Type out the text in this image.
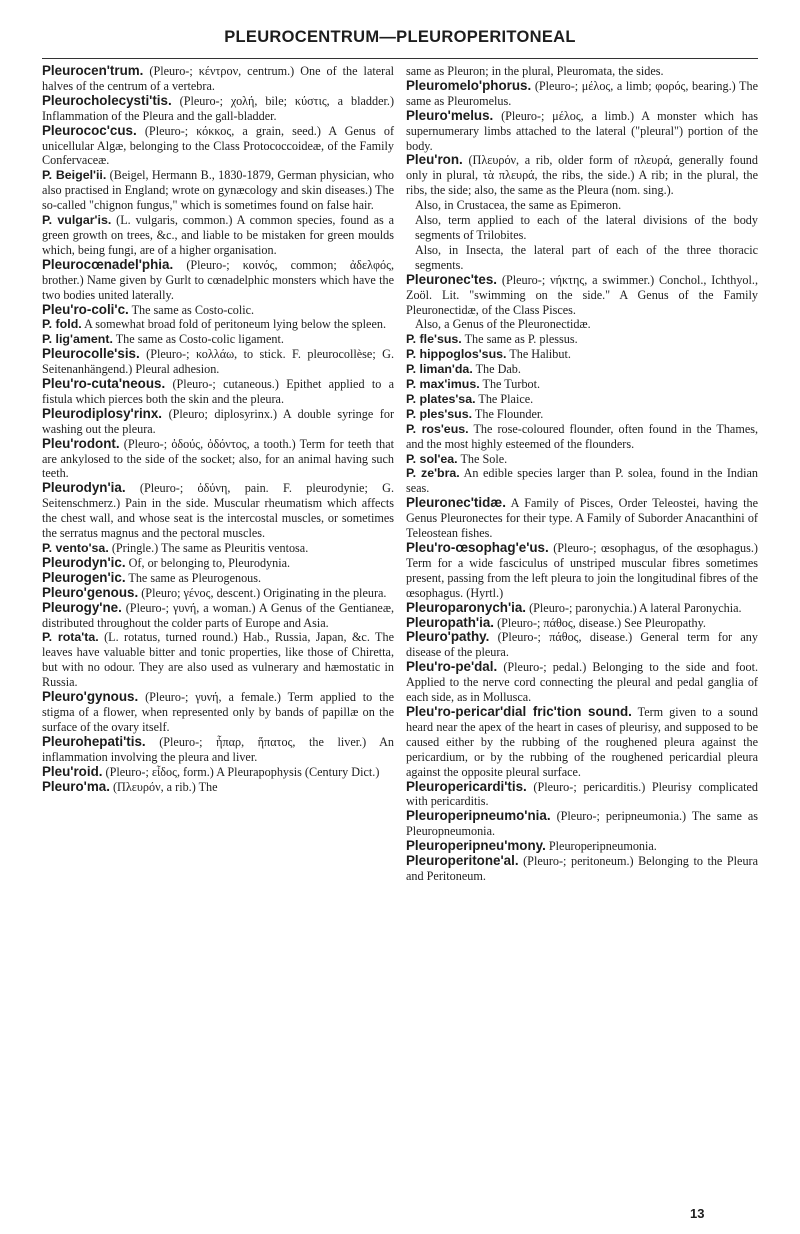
PLEUROCENTRUM—PLEUROPERITONEAL

Pleurocen'trum. (Pleuro-; κέντρον, centrum.) One of the lateral halves of the centrum of a vertebra.

Pleurocholecysti'tis. (Pleuro-; χολή, bile; κύστις, a bladder.) Inflammation of the Pleura and the gall-bladder.

Pleurococ'cus. (Pleuro-; κόκκος, a grain, seed.) A Genus of unicellular Algæ, belonging to the Class Protococcoideæ, of the Family Confervaceæ.

P. Beigel'ii. (Beigel, Hermann B., 1830-1879, German physician, who also practised in England; wrote on gynæcology and skin diseases.) The so-called "chignon fungus," which is sometimes found on false hair.

P. vulgar'is. (L. vulgaris, common.) A common species, found as a green growth on trees, &c., and liable to be mistaken for green moulds which, being fungi, are of a higher organisation.

Pleurocœnadel'phia. (Pleuro-; κοινός, common; ἀδελφός, brother.) Name given by Gurlt to cœnadelphic monsters which have the two bodies united laterally.

Pleu'ro-coli'c. The same as Costo-colic.

P. fold. A somewhat broad fold of peritoneum lying below the spleen.

P. lig'ament. The same as Costo-colic ligament.

Pleurocolle'sis. (Pleuro-; κολλάω, to stick. F. pleurocollèse; G. Seitenanhängend.) Pleural adhesion.

Pleu'ro-cuta'neous. (Pleuro-; cutaneous.) Epithet applied to a fistula which pierces both the skin and the pleura.

Pleurodiplosy'rinx. (Pleuro; diplosyrinx.) A double syringe for washing out the pleura.

Pleu'rodont. (Pleuro-; ὀδούς, ὀδόντος, a tooth.) Term for teeth that are ankylosed to the side of the socket; also, for an animal having such teeth.

Pleurodyn'ia. (Pleuro-; ὀδύνη, pain. F. pleurodynie; G. Seitenschmerz.) Pain in the side. Muscular rheumatism which affects the chest wall, and whose seat is the intercostal muscles, or sometimes the serratus magnus and the pectoral muscles.

P. vento'sa. (Pringle.) The same as Pleuritis ventosa.

Pleurodyn'ic. Of, or belonging to, Pleurodynia.

Pleurogen'ic. The same as Pleurogenous.

Pleuro'genous. (Pleuro; γένος, descent.) Originating in the pleura.

Pleurogy'ne. (Pleuro-; γυνή, a woman.) A Genus of the Gentianeæ, distributed throughout the colder parts of Europe and Asia.

P. rota'ta. (L. rotatus, turned round.) Hab., Russia, Japan, &c. The leaves have valuable bitter and tonic properties, like those of Chiretta, but with no odour. They are also used as vulnerary and hæmostatic in Russia.

Pleuro'gynous. (Pleuro-; γυνή, a female.) Term applied to the stigma of a flower, when represented only by bands of papillæ on the surface of the ovary itself.

Pleurohepati'tis. (Pleuro-; ἧπαρ, ἥπατος, the liver.) An inflammation involving the pleura and liver.

Pleu'roid. (Pleuro-; εἶδος, form.) A Pleurapophysis (Century Dict.)

Pleuro'ma. (Πλευρόν, a rib.) The

same as Pleuron; in the plural, Pleuromata, the sides.

Pleuromelo'phorus. (Pleuro-; μέλος, a limb; φορός, bearing.) The same as Pleuromelus.

Pleuro'melus. (Pleuro-; μέλος, a limb.) A monster which has supernumerary limbs attached to the lateral ("pleural") portion of the body.

Pleu'ron. (Πλευρόν, a rib, older form of πλευρά, generally found only in plural, τὰ πλευρά, the ribs, the side.) A rib; in the plural, the ribs, the side; also, the same as the Pleura (nom. sing.).

Also, in Crustacea, the same as Epimeron.

Also, term applied to each of the lateral divisions of the body segments of Trilobites.

Also, in Insecta, the lateral part of each of the three thoracic segments.

Pleuronec'tes. (Pleuro-; νήκτης, a swimmer.) Conchol., Ichthyol., Zoöl. Lit. "swimming on the side." A Genus of the Family Pleuronectidæ, of the Class Pisces.

Also, a Genus of the Pleuronectidæ.

P. fle'sus. The same as P. plessus.

P. hippoglos'sus. The Halibut.

P. liman'da. The Dab.

P. max'imus. The Turbot.

P. plates'sa. The Plaice.

P. ples'sus. The Flounder.

P. ros'eus. The rose-coloured flounder, often found in the Thames, and the most highly esteemed of the flounders.

P. sol'ea. The Sole.

P. ze'bra. An edible species larger than P. solea, found in the Indian seas.

Pleuronec'tidæ. A Family of Pisces, Order Teleostei, having the Genus Pleuronectes for their type. A Family of Suborder Anacanthini of Teleostean fishes.

Pleu'ro-œsophag'e'us. (Pleuro-; œsophagus, of the œsophagus.) Term for a wide fasciculus of unstriped muscular fibres sometimes present, passing from the left pleura to join the longitudinal fibres of the œsophagus. (Hyrtl.)

Pleuroparonych'ia. (Pleuro-; paronychia.) A lateral Paronychia.

Pleuropath'ia. (Pleuro-; πάθος, disease.) See Pleuropathy.

Pleuro'pathy. (Pleuro-; πάθος, disease.) General term for any disease of the pleura.

Pleu'ro-pe'dal. (Pleuro-; pedal.) Belonging to the side and foot. Applied to the nerve cord connecting the pleural and pedal ganglia of each side, as in Mollusca.

Pleu'ro-pericar'dial fric'tion sound. Term given to a sound heard near the apex of the heart in cases of pleurisy, and supposed to be caused either by the rubbing of the roughened pleura against the pericardium, or by the rubbing of the roughened pericardial pleura against the opposite pleural surface.

Pleuropericardi'tis. (Pleuro-; pericarditis.) Pleurisy complicated with pericarditis.

Pleuroperipneumo'nia. (Pleuro-; peripneumonia.) The same as Pleuropneumonia.

Pleuroperipneu'mony. Pleuroperipneumonia.

Pleuroperitone'al. (Pleuro-; peritoneum.) Belonging to the Pleura and Peritoneum.

13
